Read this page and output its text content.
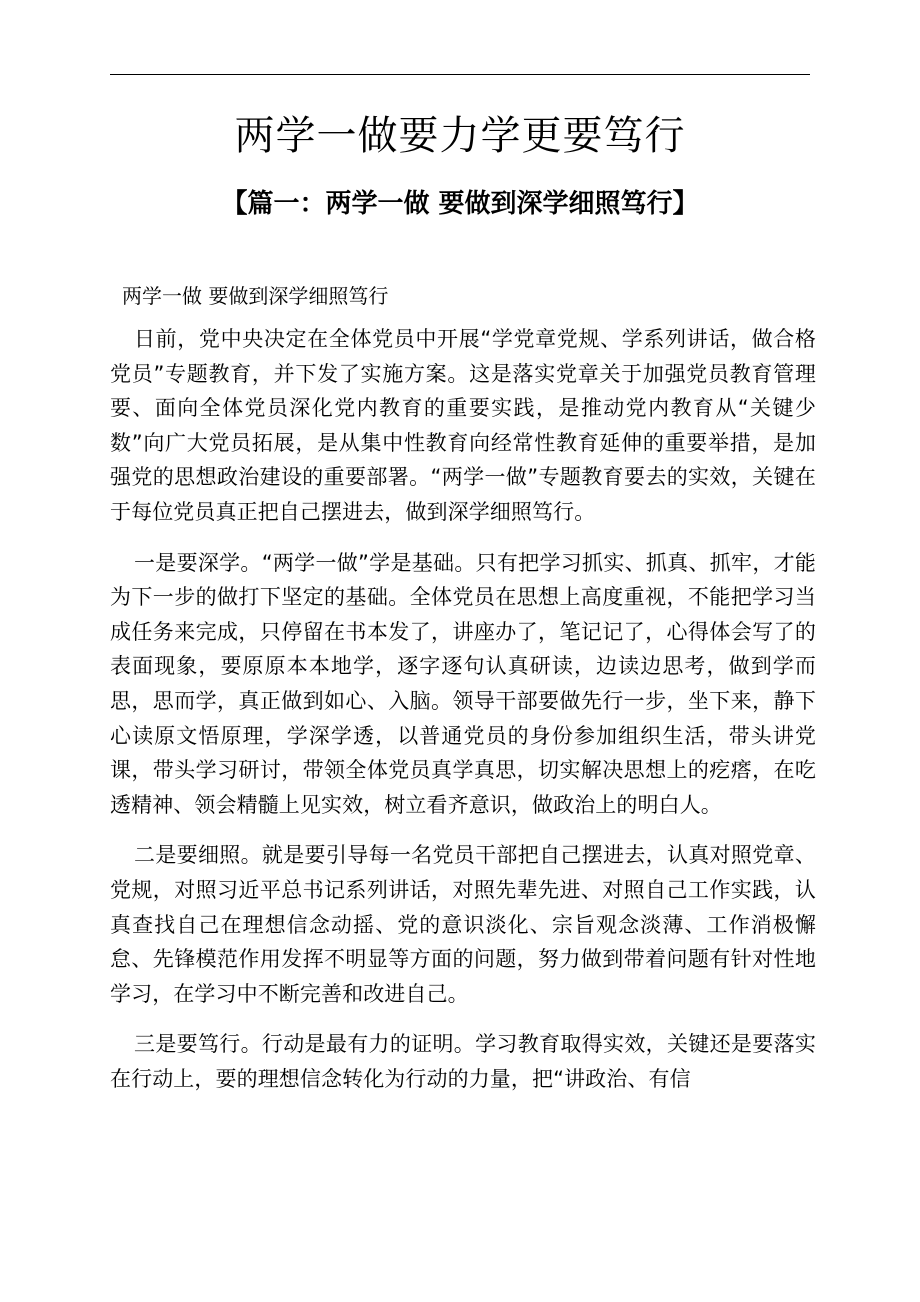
两学一做要力学更要笃行
【篇一：两学一做 要做到深学细照笃行】

两学一做 要做到深学细照笃行

日前，党中央决定在全体党员中开展“学党章党规、学系列讲话，做合格党员”专题教育，并下发了实施方案。这是落实党章关于加强党员教育管理要、面向全体党员深化党内教育的重要实践，是推动党内教育从“关键少数”向广大党员拓展，是从集中性教育向经常性教育延伸的重要举措，是加强党的思想政治建设的重要部署。“两学一做”专题教育要去的实效，关键在于每位党员真正把自己摆进去，做到深学细照笃行。

一是要深学。“两学一做”学是基础。只有把学习抓实、抓真、抓牢，才能为下一步的做打下坚定的基础。全体党员在思想上高度重视，不能把学习当成任务来完成，只停留在书本发了，讲座办了，笔记记了，心得体会写了的表面现象，要原原本本地学，逐字逐句认真研读，边读边思考，做到学而思，思而学，真正做到如心、入脑。领导干部要做先行一步，坐下来，静下心读原文悟原理，学深学透，以普通党员的身份参加组织生活，带头讲党课，带头学习研讨，带领全体党员真学真思，切实解决思想上的疙瘩，在吃透精神、领会精髓上见实效，树立看齐意识，做政治上的明白人。

二是要细照。就是要引导每一名党员干部把自己摆进去，认真对照党章、党规，对照习近平总书记系列讲话，对照先辈先进、对照自己工作实践，认真查找自己在理想信念动摇、党的意识淡化、宗旨观念淡薄、工作消极懈怠、先锋模范作用发挥不明显等方面的问题，努力做到带着问题有针对性地学习，在学习中不断完善和改进自己。

三是要笃行。行动是最有力的证明。学习教育取得实效，关键还是要落实在行动上，要的理想信念转化为行动的力量，把“讲政治、有信
